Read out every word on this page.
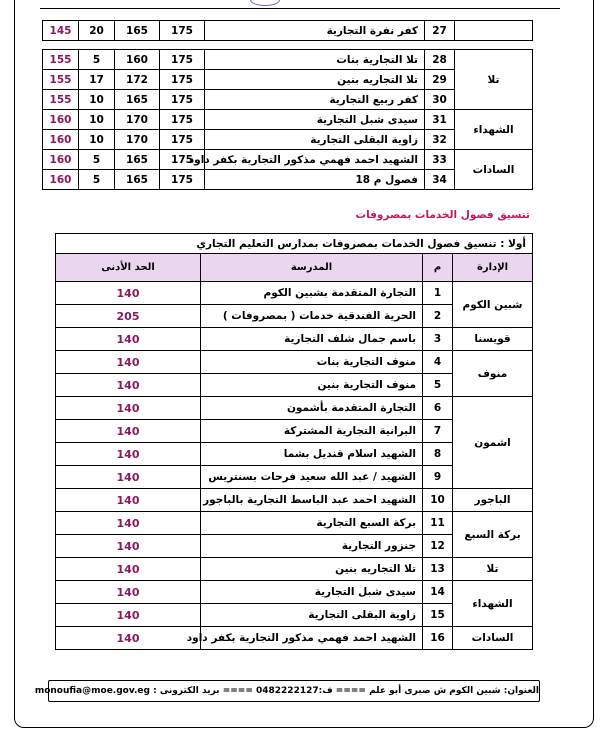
	27	كفر نفرة التجارية	175	165	20	145

تلا	28	تلا التجارية بنات	175	160	5	155
	29	تلا التجاريه بنين	175	172	17	155
	30	كفر ربيع التجارية	175	165	10	155
الشهداء	31	سيدى شبل التجارية	175	170	10	160
	32	زاوية البقلى التجارية	175	170	10	160
السادات	33	الشهيد احمد فهمي مذكور التجارية بكفر داود	175	165	5	160
	34	فصول م 18	175	165	5	160
تنسيق فصول الخدمات بمصروفات
أولا : تنسيق فصول الخدمات بمصروفات بمدارس التعليم التجاري			
الإدارة	م	المدرسة	الحد الأدنى
شبين الكوم	1	التجارة المتقدمة بشبين الكوم	140
	2	الحرية الفندقية خدمات ( بمصروفات )	205
قويسنا	3	باسم جمال شلف التجارية	140
منوف	4	منوف التجارية بنات	140
	5	منوف التجارية بنين	140
اشمون	6	التجارة المتقدمة بأشمون	140
	7	البرانية التجارية المشتركة	140
	8	الشهيد اسلام قنديل بشما	140
	9	الشهيد / عبد الله سعيد فرحات بسنتريس	140
الباجور	10	الشهيد احمد عبد الباسط التجارية بالباجور	140
بركة السبع	11	بركة السبع التجارية	140
	12	جنزور التجارية	140
تلا	13	تلا التجاريه بنين	140
الشهداء	14	سيدى شبل التجارية	140
	15	زاوية البقلى التجارية	140
السادات	16	الشهيد احمد فهمي مذكور التجارية بكفر داود	140
العنوان: شبين الكوم ش صبرى أبو علم ==== ف:0482222127 ==== بريد الكترونى : monoufia@moe.gov.eg
